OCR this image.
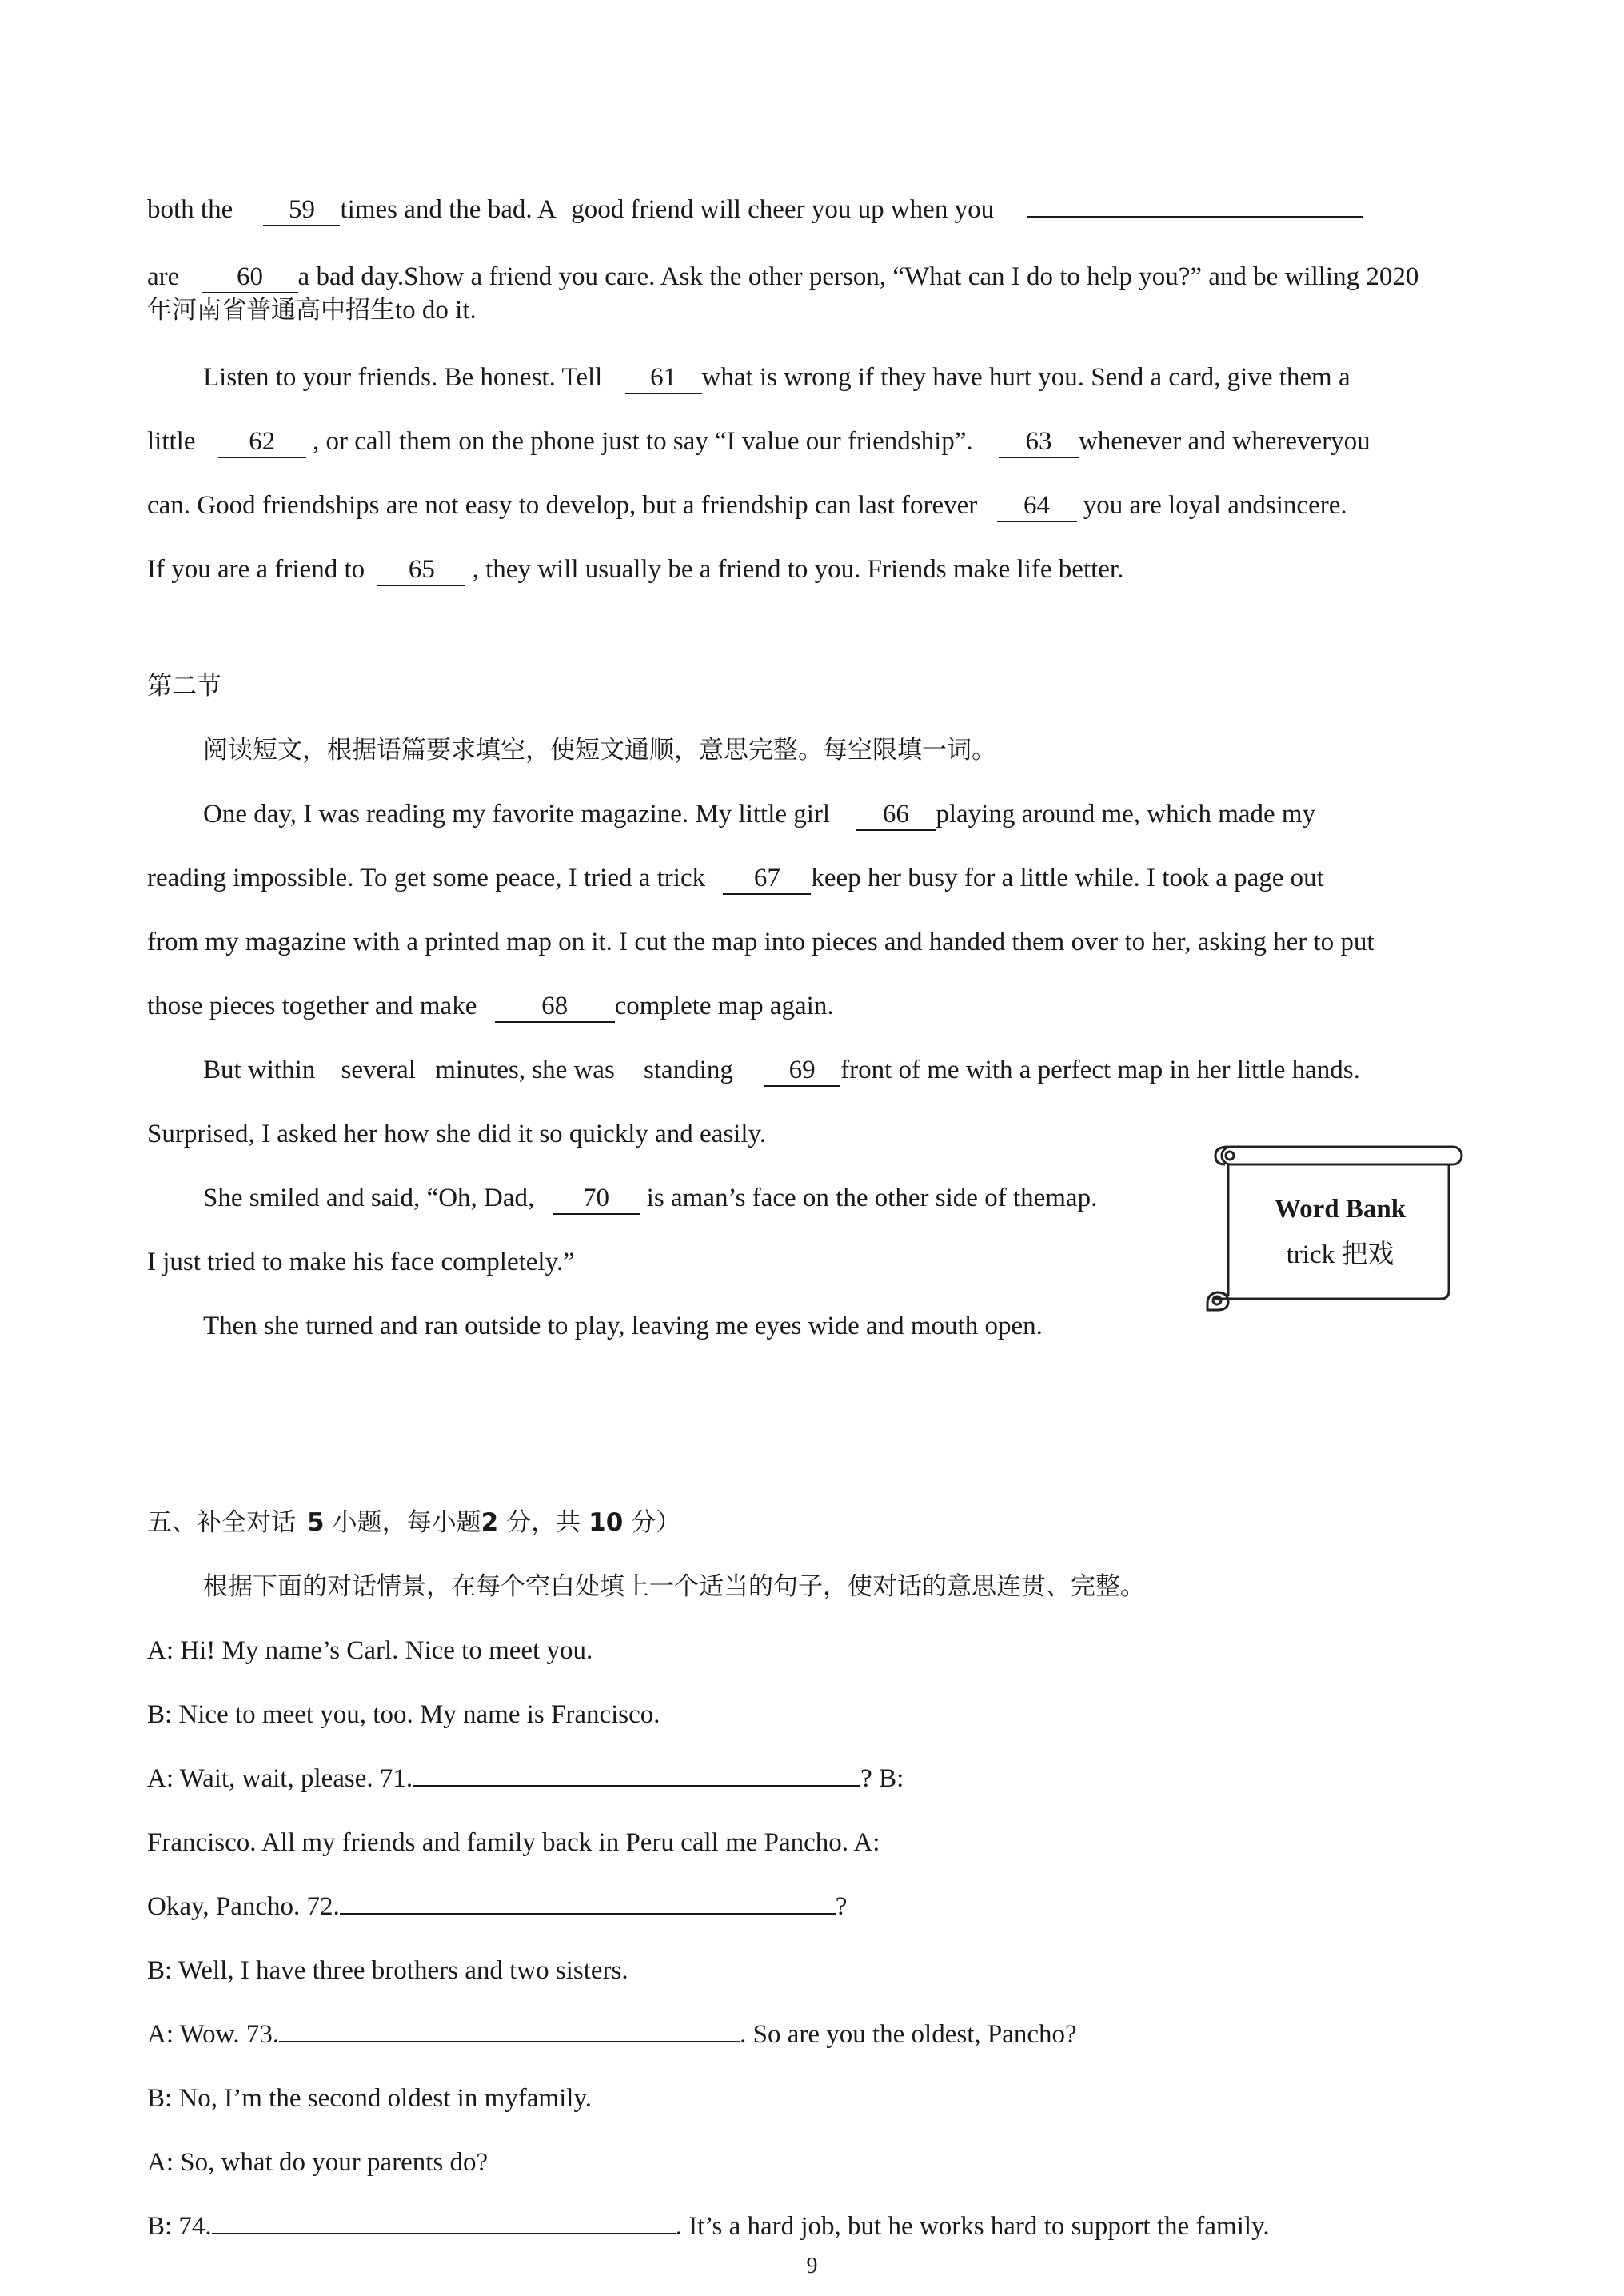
both the 59 times and the bad. A good friend will cheer you up when you
are 60 a bad day.Show a friend you care. Ask the other person, “What can I do to help you?” and be willing 2020
年河南省普通高中招生to do it.
Listen to your friends. Be honest. Tell 61 what is wrong if they have hurt you. Send a card, give them a
little 62 , or call them on the phone just to say “I value our friendship”. 63 whenever and whereveryou
can. Good friendships are not easy to develop, but a friendship can last forever 64 you are loyal andsincere.
If you are a friend to 65 , they will usually be a friend to you. Friends make life better.
第二节
阅读短文，根据语篇要求填空，使短文通顺，意思完整。每空限填一词。
One day, I was reading my favorite magazine. My little girl 66 playing around me, which made my
reading impossible. To get some peace, I tried a trick 67 keep her busy for a little while. I took a page out
from my magazine with a printed map on it. I cut the map into pieces and handed them over to her, asking her to put
those pieces together and make 68 complete map again.
But within several minutes, she was standing 69 front of me with a perfect map in her little hands.
Surprised, I asked her how she did it so quickly and easily.
She smiled and said, “Oh, Dad, 70 is aman’s face on the other side of themap.
I just tried to make his face completely.”
Then she turned and ran outside to play, leaving me eyes wide and mouth open.
Word Bank
trick 把戏
五、补全对话 5 小题，每小题2 分，共 10 分）
根据下面的对话情景，在每个空白处填上一个适当的句子，使对话的意思连贯、完整。
A: Hi! My name’s Carl. Nice to meet you.
B: Nice to meet you, too. My name is Francisco.
A: Wait, wait, please. 71.	? B:
Francisco. All my friends and family back in Peru call me Pancho. A:
Okay, Pancho. 72.	?
B: Well, I have three brothers and two sisters.
A: Wow. 73.	. So are you the oldest, Pancho?
B: No, I’m the second oldest in myfamily.
A: So, what do your parents do?
B: 74.	. It’s a hard job, but he works hard to support the family.
9
